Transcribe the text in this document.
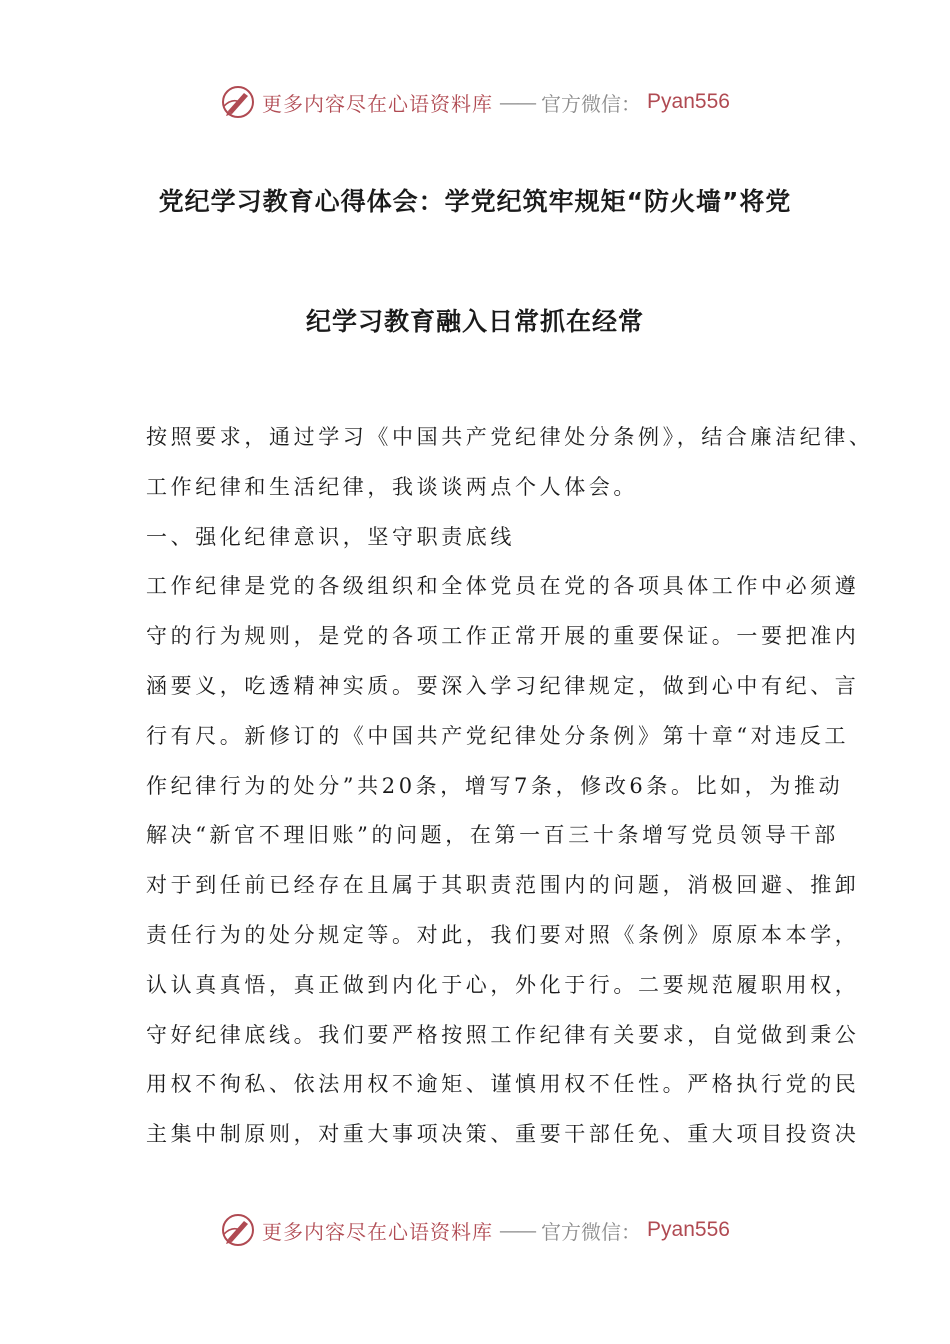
更多内容尽在心语资料库 —— 官方微信： Pyan556
党纪学习教育心得体会：学党纪筑牢规矩“防火墙”将党
纪学习教育融入日常抓在经常
按照要求，通过学习《中国共产党纪律处分条例》，结合廉洁纪律、
工作纪律和生活纪律，我谈谈两点个人体会。
一、强化纪律意识，坚守职责底线
工作纪律是党的各级组织和全体党员在党的各项具体工作中必须遵
守的行为规则，是党的各项工作正常开展的重要保证。一要把准内
涵要义，吃透精神实质。要深入学习纪律规定，做到心中有纪、言
行有尺。新修订的《中国共产党纪律处分条例》第十章“对违反工
作纪律行为的处分”共20条，增写7条，修改6条。比如，为推动
解决“新官不理旧账”的问题，在第一百三十条增写党员领导干部
对于到任前已经存在且属于其职责范围内的问题，消极回避、推卸
责任行为的处分规定等。对此，我们要对照《条例》原原本本学，
认认真真悟，真正做到内化于心，外化于行。二要规范履职用权，
守好纪律底线。我们要严格按照工作纪律有关要求，自觉做到秉公
用权不徇私、依法用权不逾矩、谨慎用权不任性。严格执行党的民
主集中制原则，对重大事项决策、重要干部任免、重大项目投资决
更多内容尽在心语资料库 —— 官方微信： Pyan556
